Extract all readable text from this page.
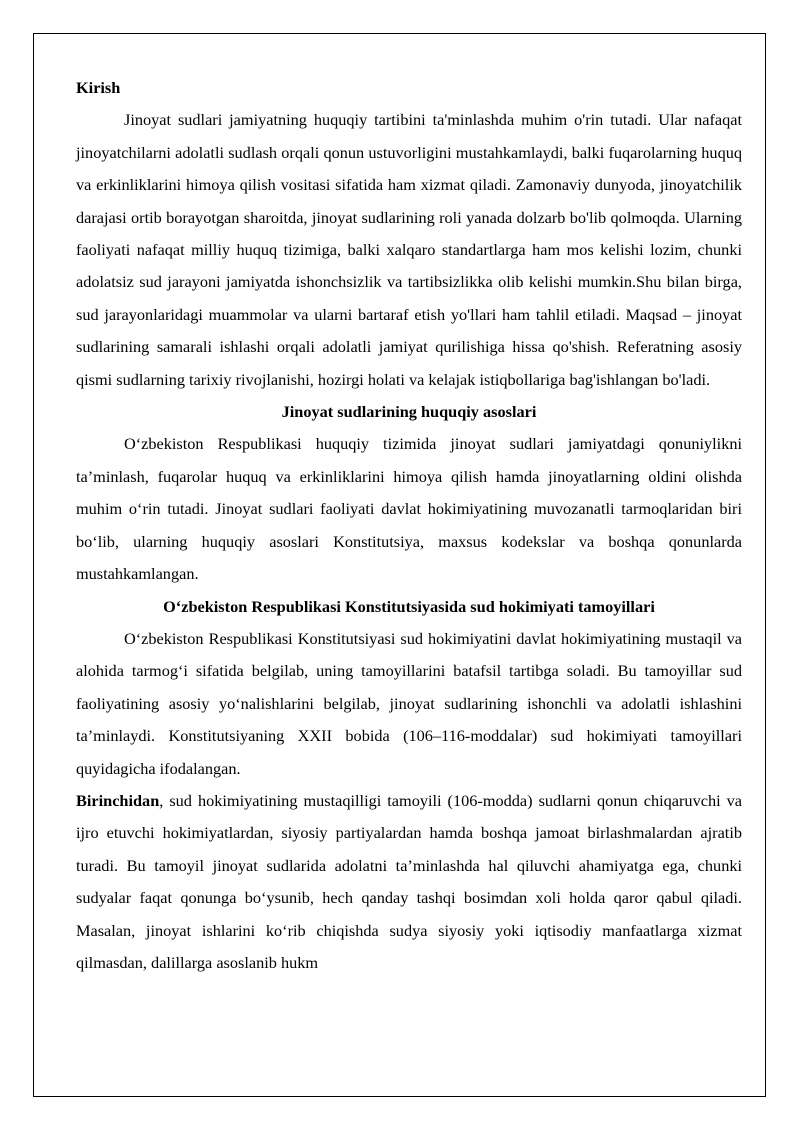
Kirish

Jinoyat sudlari jamiyatning huquqiy tartibini ta'minlashda muhim o'rin tutadi. Ular nafaqat jinoyatchilarni adolatli sudlash orqali qonun ustuvorligini mustahkamlaydi, balki fuqarolarning huquq va erkinliklarini himoya qilish vositasi sifatida ham xizmat qiladi. Zamonaviy dunyoda, jinoyatchilik darajasi ortib borayotgan sharoitda, jinoyat sudlarining roli yanada dolzarb bo'lib qolmoqda. Ularning faoliyati nafaqat milliy huquq tizimiga, balki xalqaro standartlarga ham mos kelishi lozim, chunki adolatsiz sud jarayoni jamiyatda ishonchsizlik va tartibsizlikka olib kelishi mumkin.Shu bilan birga, sud jarayonlaridagi muammolar va ularni bartaraf etish yo'llari ham tahlil etiladi. Maqsad – jinoyat sudlarining samarali ishlashi orqali adolatli jamiyat qurilishiga hissa qo'shish. Referatning asosiy qismi sudlarning tarixiy rivojlanishi, hozirgi holati va kelajak istiqbollariga bag'ishlangan bo'ladi.

Jinoyat sudlarining huquqiy asoslari

O‘zbekiston Respublikasi huquqiy tizimida jinoyat sudlari jamiyatdagi qonuniylikni ta’minlash, fuqarolar huquq va erkinliklarini himoya qilish hamda jinoyatlarning oldini olishda muhim o‘rin tutadi. Jinoyat sudlari faoliyati davlat hokimiyatining muvozanatli tarmoqlaridan biri bo‘lib, ularning huquqiy asoslari Konstitutsiya, maxsus kodekslar va boshqa qonunlarda mustahkamlangan.

O‘zbekiston Respublikasi Konstitutsiyasida sud hokimiyati tamoyillari

O‘zbekiston Respublikasi Konstitutsiyasi sud hokimiyatini davlat hokimiyatining mustaqil va alohida tarmog‘i sifatida belgilab, uning tamoyillarini batafsil tartibga soladi. Bu tamoyillar sud faoliyatining asosiy yo‘nalishlarini belgilab, jinoyat sudlarining ishonchli va adolatli ishlashini ta’minlaydi. Konstitutsiyaning XXII bobida (106–116-moddalar) sud hokimiyati tamoyillari quyidagicha ifodalangan.

Birinchidan, sud hokimiyatining mustaqilligi tamoyili (106-modda) sudlarni qonun chiqaruvchi va ijro etuvchi hokimiyatlardan, siyosiy partiyalardan hamda boshqa jamoat birlashmalardan ajratib turadi. Bu tamoyil jinoyat sudlarida adolatni ta’minlashda hal qiluvchi ahamiyatga ega, chunki sudyalar faqat qonunga bo‘ysunib, hech qanday tashqi bosimdan xoli holda qaror qabul qiladi. Masalan, jinoyat ishlarini ko‘rib chiqishda sudya siyosiy yoki iqtisodiy manfaatlarga xizmat qilmasdan, dalillarga asoslanib hukm
